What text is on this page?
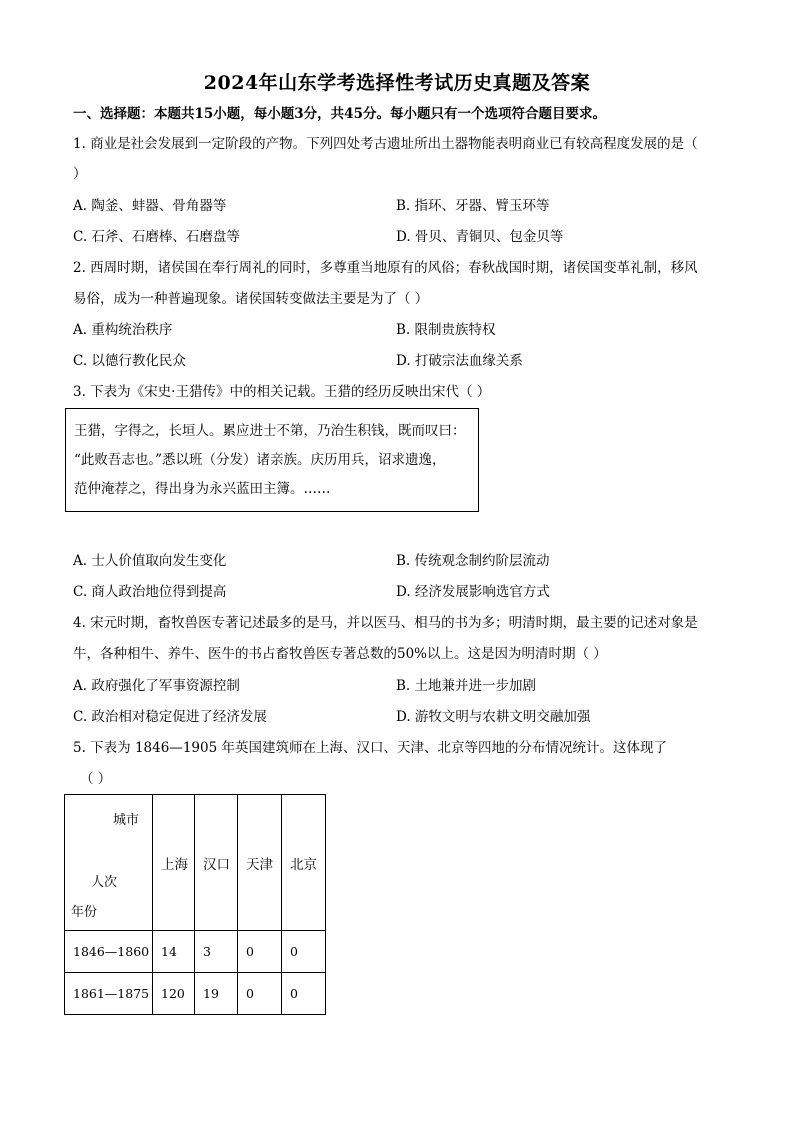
2024年山东学考选择性考试历史真题及答案
一、选择题：本题共15小题，每小题3分，共45分。每小题只有一个选项符合题目要求。
1. 商业是社会发展到一定阶段的产物。下列四处考古遗址所出土器物能表明商业已有较高程度发展的是（
）
A. 陶釜、蚌器、骨角器等	B. 指环、牙器、臂玉环等
C. 石斧、石磨棒、石磨盘等	D. 骨贝、青铜贝、包金贝等
2. 西周时期，诸侯国在奉行周礼的同时，多尊重当地原有的风俗；春秋战国时期，诸侯国变革礼制，移风
易俗，成为一种普遍现象。诸侯国转变做法主要是为了（ ）
A. 重构统治秩序	B. 限制贵族特权
C. 以德行教化民众	D. 打破宗法血缘关系
3. 下表为《宋史·王猎传》中的相关记载。王猎的经历反映出宋代（ ）
王猎，字得之，长垣人。累应进士不第，乃治生积钱，既而叹曰：
“此败吾志也。”悉以班（分发）诸亲族。庆历用兵，诏求遗逸，
范仲淹荐之，得出身为永兴蓝田主簿。……
A. 士人价值取向发生变化	B. 传统观念制约阶层流动
C. 商人政治地位得到提高	D. 经济发展影响选官方式
4. 宋元时期，畜牧兽医专著记述最多的是马，并以医马、相马的书为多；明清时期，最主要的记述对象是
牛，各种相牛、养牛、医牛的书占畜牧兽医专著总数的50%以上。这是因为明清时期（ ）
A. 政府强化了军事资源控制	B. 土地兼并进一步加剧
C. 政治相对稳定促进了经济发展	D. 游牧文明与农耕文明交融加强
5. 下表为 1846—1905 年英国建筑师在上海、汉口、天津、北京等四地的分布情况统计。这体现了
（ ）
城市
人次
年份	上海	汉口	天津	北京
1846—1860	14	3	0	0
1861—1875	120	19	0	0
